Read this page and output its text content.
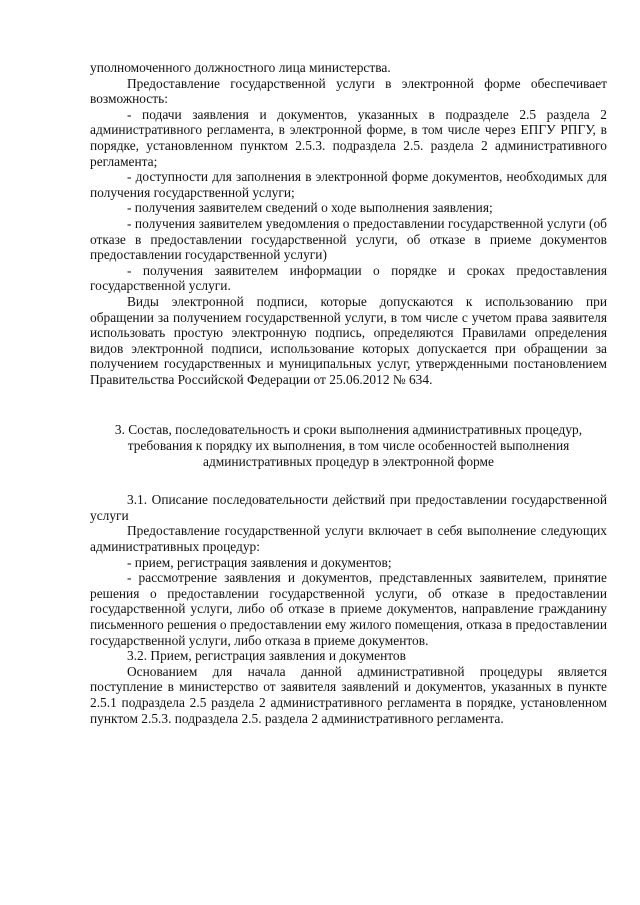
уполномоченного должностного лица министерства.

Предоставление государственной услуги в электронной форме обеспечивает возможность:

- подачи заявления и документов, указанных в подразделе 2.5 раздела 2 административного регламента, в электронной форме, в том числе через ЕПГУ РПГУ, в порядке, установленном пунктом 2.5.3. подраздела 2.5. раздела 2 административного регламента;

- доступности для заполнения в электронной форме документов, необходимых для получения государственной услуги;

- получения заявителем сведений о ходе выполнения заявления;

- получения заявителем уведомления о предоставлении государственной услуги (об отказе в предоставлении государственной услуги, об отказе в приеме документов предоставлении государственной услуги)

- получения заявителем информации о порядке и сроках предоставления государственной услуги.

Виды электронной подписи, которые допускаются к использованию при обращении за получением государственной услуги, в том числе с учетом права заявителя использовать простую электронную подпись, определяются Правилами определения видов электронной подписи, использование которых допускается при обращении за получением государственных и муниципальных услуг, утвержденными постановлением Правительства Российской Федерации от 25.06.2012 № 634.

3. Состав, последовательность и сроки выполнения административных процедур, требования к порядку их выполнения, в том числе особенностей выполнения административных процедур в электронной форме

3.1. Описание последовательности действий при предоставлении государственной услуги

Предоставление государственной услуги включает в себя выполнение следующих административных процедур:

- прием, регистрация заявления и документов;

- рассмотрение заявления и документов, представленных заявителем, принятие решения о предоставлении государственной услуги, об отказе в предоставлении государственной услуги, либо об отказе в приеме документов, направление гражданину письменного решения о предоставлении ему жилого помещения, отказа в предоставлении государственной услуги, либо отказа в приеме документов.

3.2. Прием, регистрация заявления и документов

Основанием для начала данной административной процедуры является поступление в министерство от заявителя заявлений и документов, указанных в пункте 2.5.1 подраздела 2.5 раздела 2 административного регламента в порядке, установленном пунктом 2.5.3. подраздела 2.5. раздела 2 административного регламента.
